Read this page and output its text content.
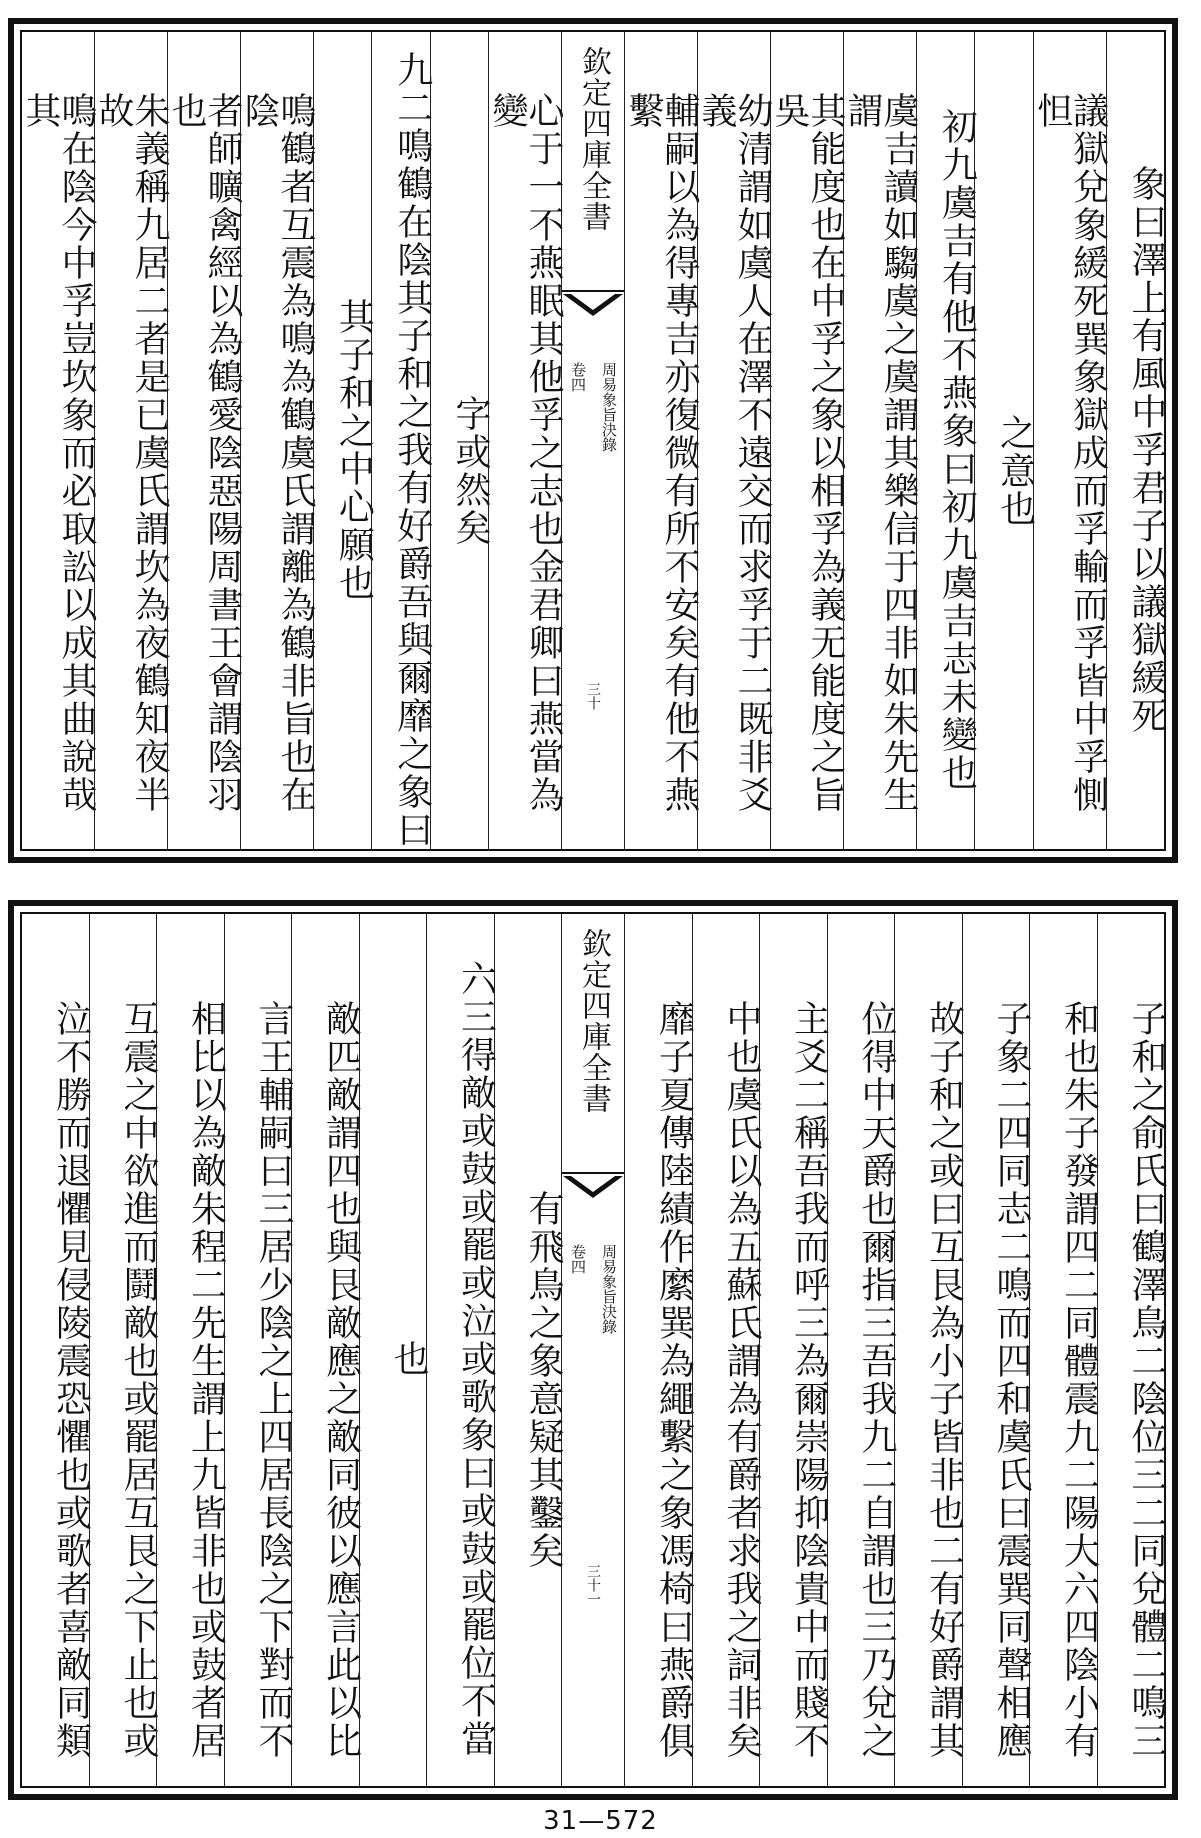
象曰澤上有風中孚君子以議獄緩死
議獄兌象緩死巽象獄成而孚輸而孚皆中孚惻怛
之意也
初九虞吉有他不燕象曰初九虞吉志未變也
虞吉讀如騶虞之虞謂其樂信于四非如朱先生謂
其能度也在中孚之象以相孚為義无能度之旨吳
幼清謂如虞人在澤不遠交而求孚于二既非爻義
輔嗣以為得專吉亦復微有所不安矣有他不燕繫
欽定四庫全書
周易象旨決錄
卷四
三十
心于一不燕眠其他孚之志也金君卿曰燕當為變
字或然矣
九二鳴鶴在陰其子和之我有好爵吾與爾靡之象曰
其子和之中心願也
鳴鶴者互震為鳴為鶴虞氏謂離為鶴非旨也在陰
者師曠禽經以為鶴愛陰惡陽周書王會謂陰羽也
朱義稱九居二者是已虞氏謂坎為夜鶴知夜半故
鳴在陰今中孚豈坎象而必取訟以成其曲說哉其
子和之俞氏曰鶴澤鳥二陰位三二同兌體二鳴三
和也朱子發謂四二同體震九二陽大六四陰小有
子象二四同志二鳴而四和虞氏曰震巽同聲相應
故子和之或曰互艮為小子皆非也二有好爵謂其
位得中天爵也爾指三吾我九二自謂也三乃兌之
主爻二稱吾我而呼三為爾崇陽抑陰貴中而賤不
中也虞氏以為五蘇氏謂為有爵者求我之詞非矣
靡子夏傳陸績作縻巽為繩繫之象馮椅曰燕爵俱
欽定四庫全書
周易象旨決錄
卷四
三十一
有飛鳥之象意疑其鑿矣
六三得敵或鼓或罷或泣或歌象曰或鼓或罷位不當
也
敵匹敵謂四也與艮敵應之敵同彼以應言此以比
言王輔嗣曰三居少陰之上四居長陰之下對而不
相比以為敵朱程二先生謂上九皆非也或鼓者居
互震之中欲進而鬪敵也或罷居互艮之下止也或
泣不勝而退懼見侵陵震恐懼也或歌者喜敵同類
31—572
